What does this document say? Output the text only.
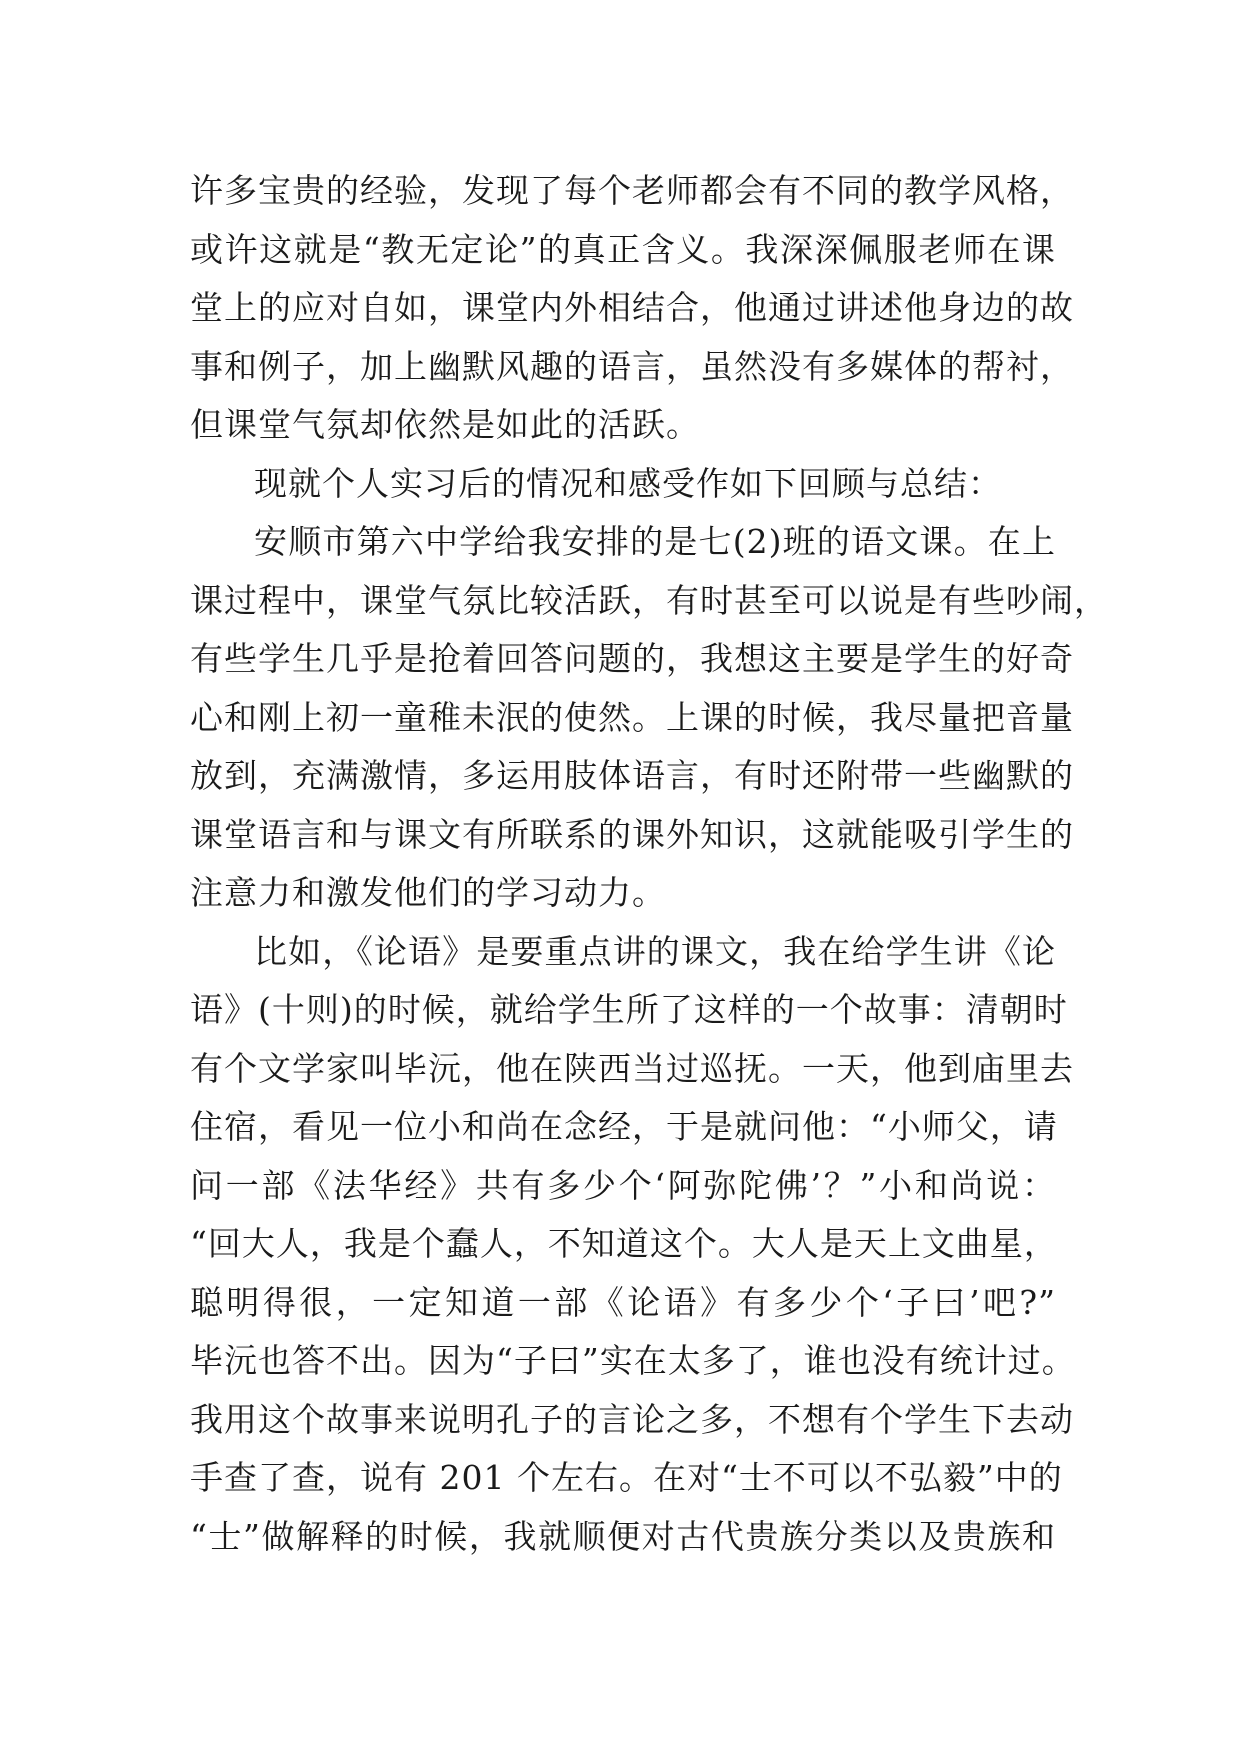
许多宝贵的经验，发现了每个老师都会有不同的教学风格，
或许这就是“教无定论”的真正含义。我深深佩服老师在课
堂上的应对自如，课堂内外相结合，他通过讲述他身边的故
事和例子，加上幽默风趣的语言，虽然没有多媒体的帮衬，
但课堂气氛却依然是如此的活跃。
现就个人实习后的情况和感受作如下回顾与总结：
安顺市第六中学给我安排的是七(2)班的语文课。在上
课过程中，课堂气氛比较活跃，有时甚至可以说是有些吵闹，
有些学生几乎是抢着回答问题的，我想这主要是学生的好奇
心和刚上初一童稚未泯的使然。上课的时候，我尽量把音量
放到，充满激情，多运用肢体语言，有时还附带一些幽默的
课堂语言和与课文有所联系的课外知识，这就能吸引学生的
注意力和激发他们的学习动力。
比如，《论语》是要重点讲的课文，我在给学生讲《论
语》(十则)的时候，就给学生所了这样的一个故事：清朝时
有个文学家叫毕沅，他在陕西当过巡抚。一天，他到庙里去
住宿，看见一位小和尚在念经，于是就问他：“小师父，请
问一部《法华经》共有多少个‘阿弥陀佛’？”小和尚说：
“回大人，我是个蠢人，不知道这个。大人是天上文曲星，
聪明得很，一定知道一部《论语》有多少个‘子曰’吧?”
毕沅也答不出。因为“子曰”实在太多了，谁也没有统计过。
我用这个故事来说明孔子的言论之多，不想有个学生下去动
手查了查，说有 201 个左右。在对“士不可以不弘毅”中的
“士”做解释的时候，我就顺便对古代贵族分类以及贵族和
